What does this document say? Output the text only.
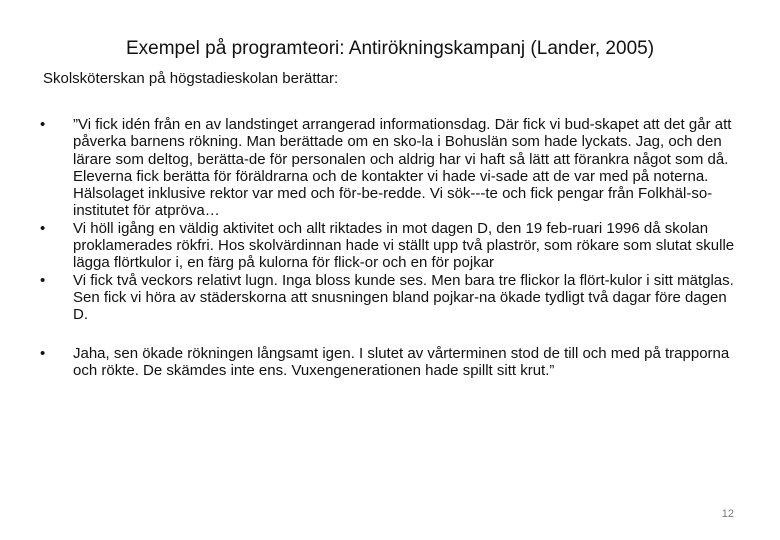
Exempel på programteori: Antirökningskampanj (Lander, 2005)
Skolsköterskan på högstadieskolan berättar:
•	”Vi fick idén från en av landstinget arrangerad informationsdag. Där fick vi bud-skapet att det går att påverka barnens rökning. Man berättade om en sko-la i Bohuslän som hade lyckats. Jag, och den lärare som deltog, berätta-de för personalen och aldrig har vi haft så lätt att förankra något som då. Eleverna fick berätta för föräldrarna och de kontakter vi hade vi-sade att de var med på noterna. Hälsolaget inklusive rektor var med och för-be-redde. Vi sök---te och fick pengar från Folkhäl-so-institutet för atpröva…
•	Vi höll igång en väldig aktivitet och allt riktades in mot dagen D, den 19 feb-ruari 1996 då skolan proklamerades rökfri. Hos skolvärdinnan hade vi ställt upp två plaströr, som rökare som slutat skulle lägga flörtkulor i, en färg på kulorna för flick-or och en för pojkar
•	Vi fick två veckors relativt lugn. Inga bloss kunde ses. Men bara tre flickor la flört-kulor i sitt mätglas. Sen fick vi höra av städerskorna att snusningen bland pojkar-na ökade tydligt två dagar före dagen D.
•	Jaha, sen ökade rökningen långsamt igen. I slutet av vårterminen stod de till och med på trapporna och rökte. De skämdes inte ens. Vuxengenerationen hade spillt sitt krut.”
12
